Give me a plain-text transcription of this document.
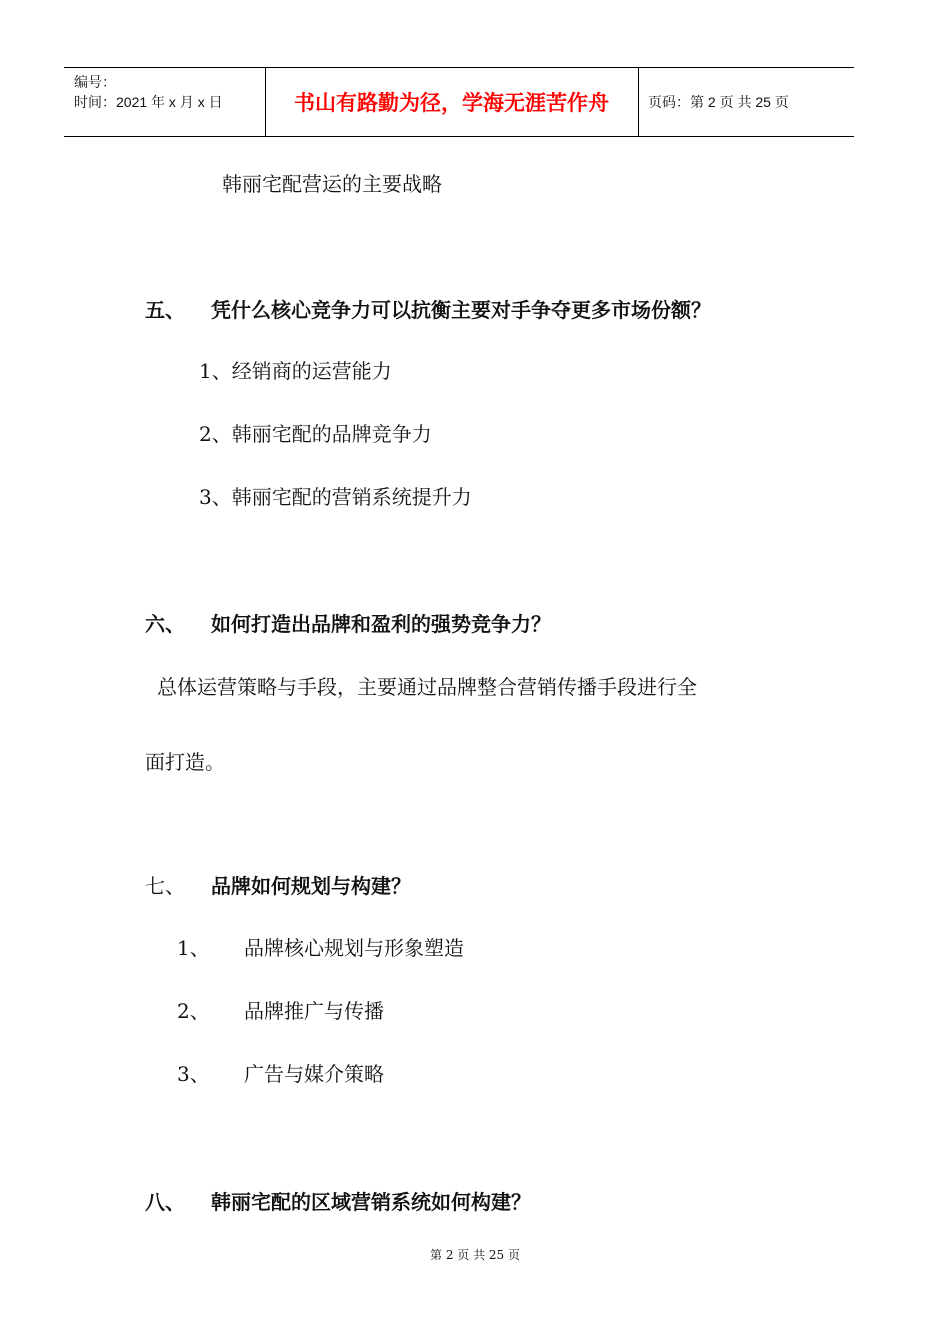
编号：
时间：2021 年 x 月 x 日	书山有路勤为径，学海无涯苦作舟	页码：第 2 页 共 25 页
韩丽宅配营运的主要战略
五、 凭什么核心竞争力可以抗衡主要对手争夺更多市场份额？
1、经销商的运营能力
2、韩丽宅配的品牌竞争力
3、韩丽宅配的营销系统提升力
六、 如何打造出品牌和盈利的强势竞争力？
总体运营策略与手段，主要通过品牌整合营销传播手段进行全
面打造。
七、 品牌如何规划与构建？
1、 品牌核心规划与形象塑造
2、 品牌推广与传播
3、 广告与媒介策略
八、 韩丽宅配的区域营销系统如何构建？
第 2 页 共 25 页
